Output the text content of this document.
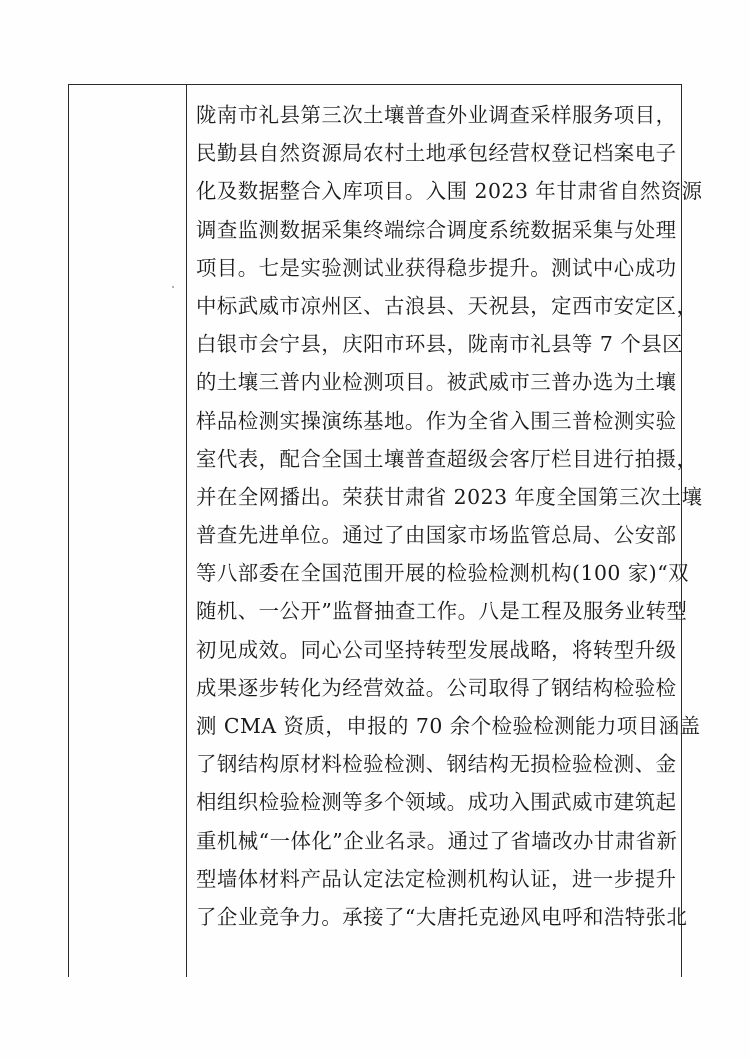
陇南市礼县第三次土壤普查外业调查采样服务项目，
民勤县自然资源局农村土地承包经营权登记档案电子
化及数据整合入库项目。入围 2023 年甘肃省自然资源
调查监测数据采集终端综合调度系统数据采集与处理
项目。七是实验测试业获得稳步提升。测试中心成功
中标武威市凉州区、古浪县、天祝县，定西市安定区，
白银市会宁县，庆阳市环县，陇南市礼县等 7 个县区
的土壤三普内业检测项目。被武威市三普办选为土壤
样品检测实操演练基地。作为全省入围三普检测实验
室代表，配合全国土壤普查超级会客厅栏目进行拍摄，
并在全网播出。荣获甘肃省 2023 年度全国第三次土壤
普查先进单位。通过了由国家市场监管总局、公安部
等八部委在全国范围开展的检验检测机构(100 家)“双
随机、一公开”监督抽查工作。八是工程及服务业转型
初见成效。同心公司坚持转型发展战略，将转型升级
成果逐步转化为经营效益。公司取得了钢结构检验检
测 CMA 资质，申报的 70 余个检验检测能力项目涵盖
了钢结构原材料检验检测、钢结构无损检验检测、金
相组织检验检测等多个领域。成功入围武威市建筑起
重机械“一体化”企业名录。通过了省墙改办甘肃省新
型墙体材料产品认定法定检测机构认证，进一步提升
了企业竞争力。承接了“大唐托克逊风电呼和浩特张北
